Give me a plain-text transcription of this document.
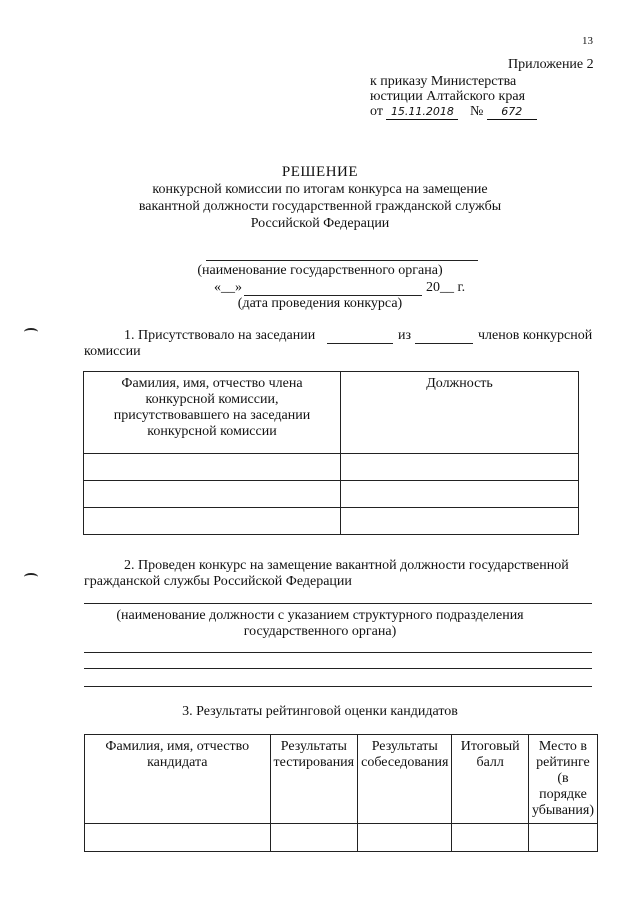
13
Приложение 2
к приказу Министерства
юстиции Алтайского края
от 15.11.2018 № 672
РЕШЕНИЕ
конкурсной комиссии по итогам конкурса на замещение
вакантной должности государственной гражданской службы
Российской Федерации
(наименование государственного органа)
«__»	20__ г.
(дата проведения конкурса)
1. Присутствовало на заседании	из	членов конкурсной
комиссии
Фамилия, имя, отчество члена конкурсной комиссии, присутствовавшего на заседании конкурсной комиссии	Должность

2. Проведен конкурс на замещение вакантной должности государственной
гражданской службы Российской Федерации
(наименование должности с указанием структурного подразделения
государственного органа)
3. Результаты рейтинговой оценки кандидатов
Фамилия, имя, отчество кандидата	Результаты тестирования	Результаты собеседования	Итоговый балл	Место в рейтинге (в порядке убывания)
